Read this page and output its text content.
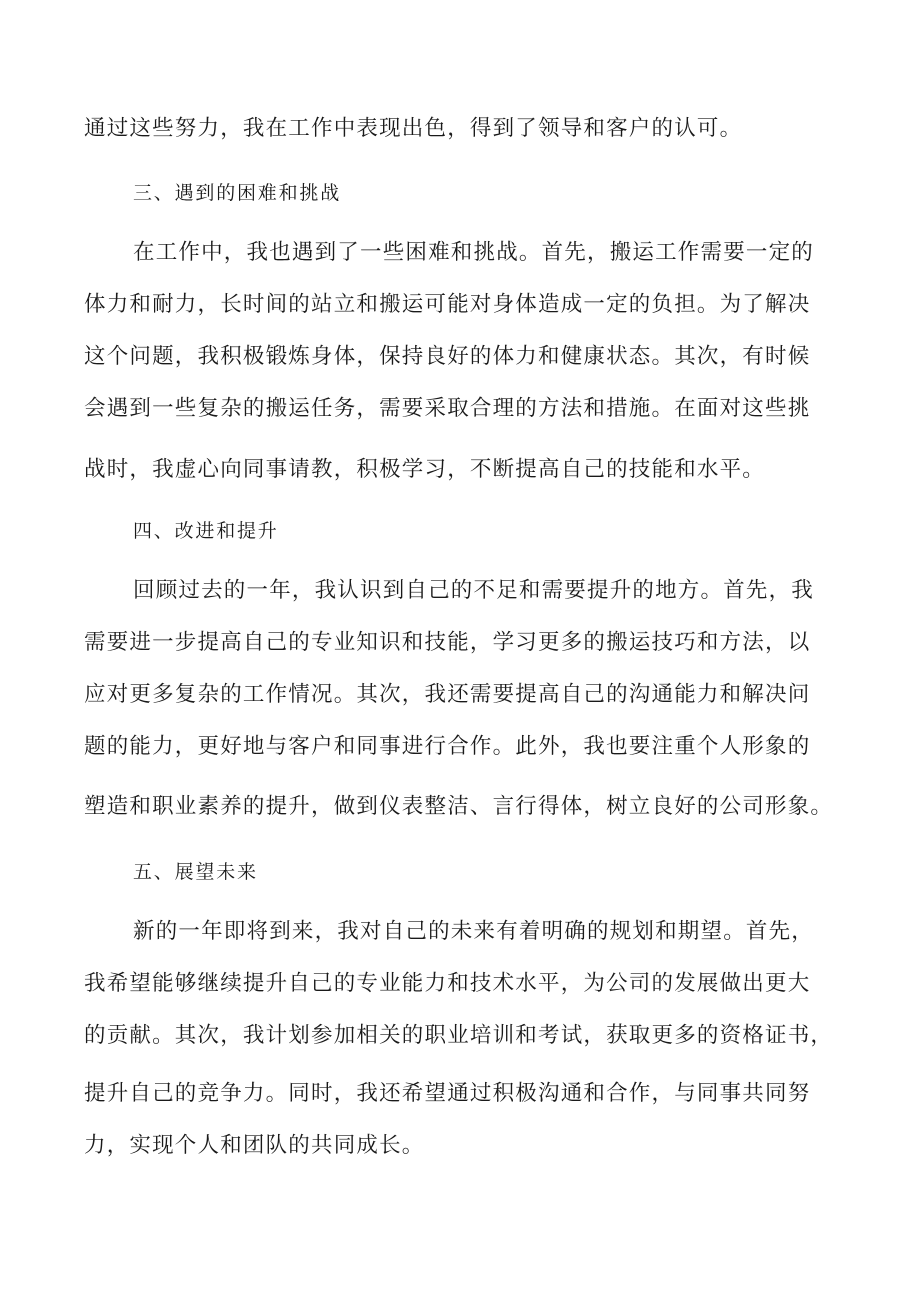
通过这些努力，我在工作中表现出色，得到了领导和客户的认可。
三、遇到的困难和挑战
在工作中，我也遇到了一些困难和挑战。首先，搬运工作需要一定的
体力和耐力，长时间的站立和搬运可能对身体造成一定的负担。为了解决
这个问题，我积极锻炼身体，保持良好的体力和健康状态。其次，有时候
会遇到一些复杂的搬运任务，需要采取合理的方法和措施。在面对这些挑
战时，我虚心向同事请教，积极学习，不断提高自己的技能和水平。
四、改进和提升
回顾过去的一年，我认识到自己的不足和需要提升的地方。首先，我
需要进一步提高自己的专业知识和技能，学习更多的搬运技巧和方法，以
应对更多复杂的工作情况。其次，我还需要提高自己的沟通能力和解决问
题的能力，更好地与客户和同事进行合作。此外，我也要注重个人形象的
塑造和职业素养的提升，做到仪表整洁、言行得体，树立良好的公司形象。
五、展望未来
新的一年即将到来，我对自己的未来有着明确的规划和期望。首先，
我希望能够继续提升自己的专业能力和技术水平，为公司的发展做出更大
的贡献。其次，我计划参加相关的职业培训和考试，获取更多的资格证书，
提升自己的竞争力。同时，我还希望通过积极沟通和合作，与同事共同努
力，实现个人和团队的共同成长。
